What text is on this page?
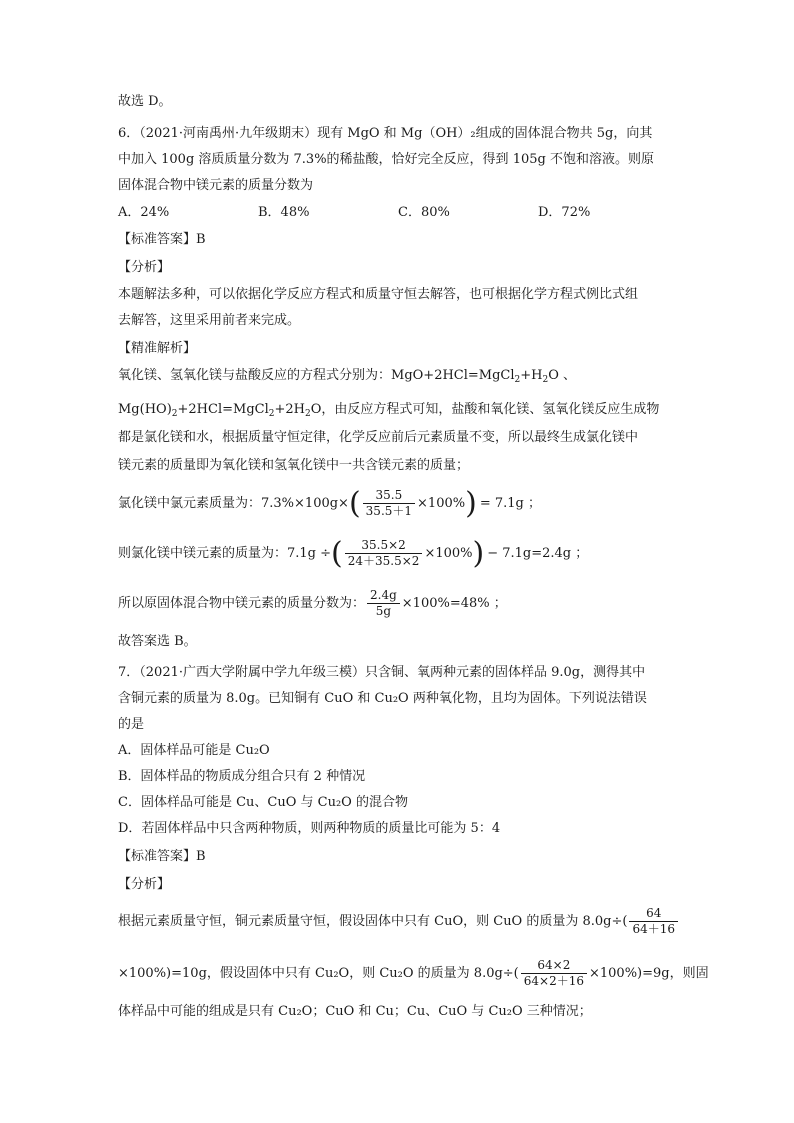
故选 D。
6．（2021·河南禹州·九年级期末）现有 MgO 和 Mg（OH）₂组成的固体混合物共 5g，向其
中加入 100g 溶质质量分数为 7.3%的稀盐酸，恰好完全反应，得到 105g 不饱和溶液。则原
固体混合物中镁元素的质量分数为
A．24%	B．48%	C．80%	D．72%
【标准答案】B
【分析】
本题解法多种，可以依据化学反应方程式和质量守恒去解答，也可根据化学方程式例比式组
去解答，这里采用前者来完成。
【精准解析】
氧化镁、氢氧化镁与盐酸反应的方程式分别为：$MgO+2HCl=MgCl_2+H_2O$ 、
$Mg(HO)_2+2HCl=MgCl_2+2H_2O$，由反应方程式可知，盐酸和氧化镁、氢氧化镁反应生成物
都是氯化镁和水，根据质量守恒定律，化学反应前后元素质量不变，所以最终生成氯化镁中
镁元素的质量即为氧化镁和氢氧化镁中一共含镁元素的质量；
氯化镁中氯元素质量为：7.3%×100g× ( $\frac{35.5}{35.5+1} \times 100\%$ ) = 7.1g ；
则氯化镁中镁元素的质量为：7.1g ÷ ( $\frac{35.5\times 2}{24+35.5\times 2} \times 100\%$ ) − 7.1g=2.4g ；
所以原固体混合物中镁元素的质量分数为： $\frac{2.4g}{5g} \times 100\%=48\%$ ；
故答案选 B。
7．（2021·广西大学附属中学九年级三模）只含铜、氧两种元素的固体样品 9.0g，测得其中
含铜元素的质量为 8.0g。已知铜有 CuO 和 Cu₂O 两种氧化物，且均为固体。下列说法错误
的是
A．固体样品可能是 Cu₂O
B．固体样品的物质成分组合只有 2 种情况
C．固体样品可能是 Cu、CuO 与 Cu₂O 的混合物
D．若固体样品中只含两种物质，则两种物质的质量比可能为 5：4
【标准答案】B
【分析】
根据元素质量守恒，铜元素质量守恒，假设固体中只有 CuO，则 CuO 的质量为 $8.0g\div( \frac{64}{64+16}$
×100%)=10g，假设固体中只有 Cu₂O，则 Cu₂O 的质量为 $8.0g\div( \frac{64\times 2}{64\times 2+16} \times 100\%)=9g$，则固
体样品中可能的组成是只有 Cu₂O；CuO 和 Cu；Cu、CuO 与 Cu₂O 三种情况；
